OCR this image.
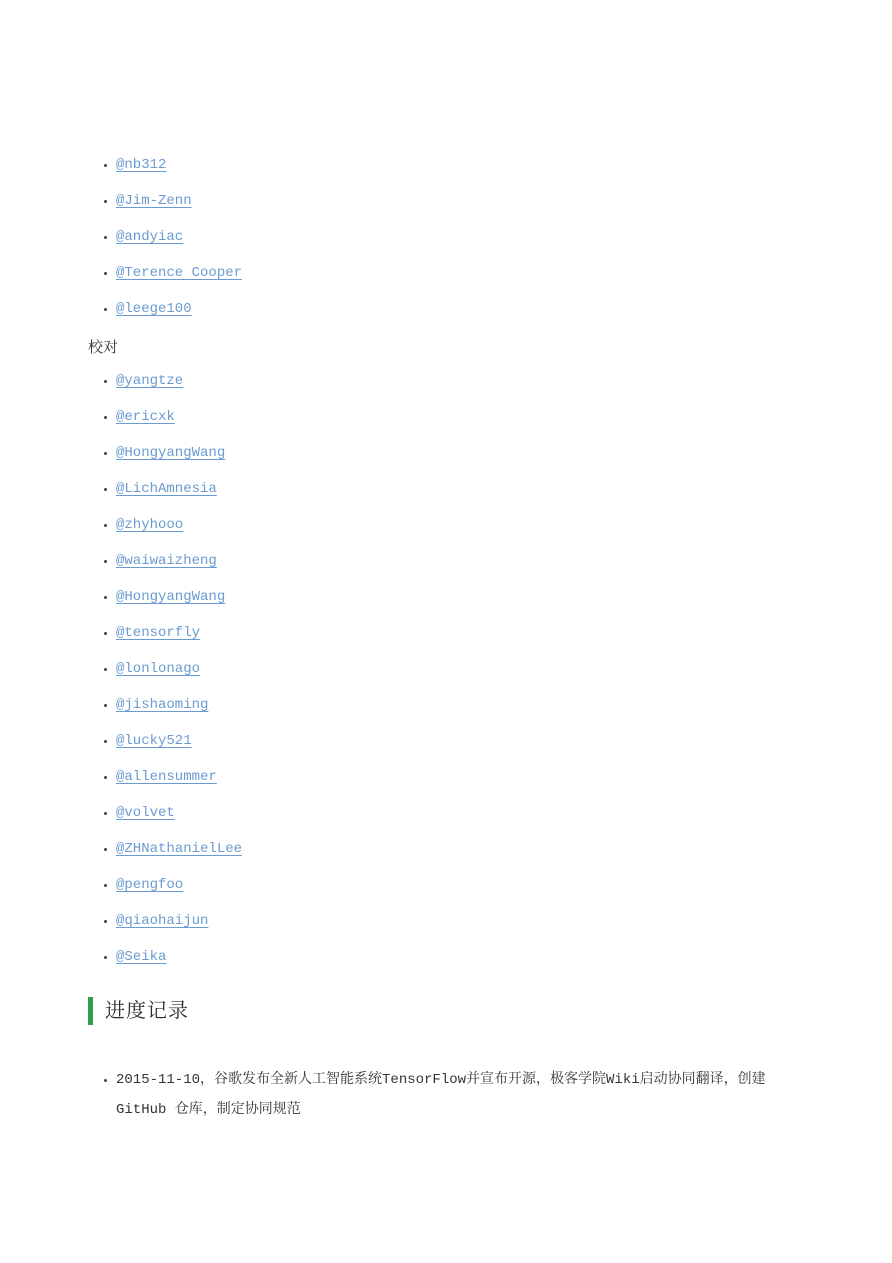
• @nb312
• @Jim-Zenn
• @andyiac
• @Terence Cooper
• @leege100
校对
• @yangtze
• @ericxk
• @HongyangWang
• @LichAmnesia
• @zhyhooo
• @waiwaizheng
• @HongyangWang
• @tensorfly
• @lonlonago
• @jishaoming
• @lucky521
• @allensummer
• @volvet
• @ZHNathanielLee
• @pengfoo
• @qiaohaijun
• @Seika
进度记录
• 2015-11-10，谷歌发布全新人工智能系统TensorFlow并宣布开源，极客学院Wiki启动协同翻译，创建 GitHub 仓库，制定协同规范
